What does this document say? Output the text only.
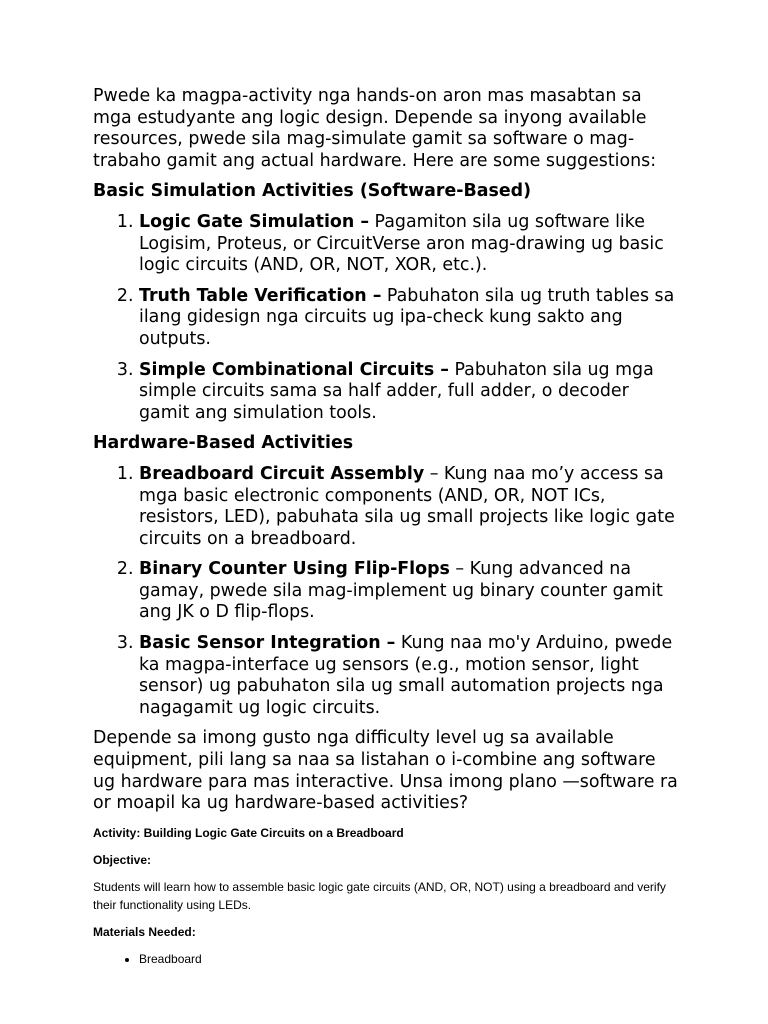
Pwede ka magpa-activity nga hands-on aron mas masabtan sa mga estudyante ang logic design. Depende sa inyong available resources, pwede sila mag-simulate gamit sa software o mag-trabaho gamit ang actual hardware. Here are some suggestions:

Basic Simulation Activities (Software-Based)
1. Logic Gate Simulation – Pagamiton sila ug software like Logisim, Proteus, or CircuitVerse aron mag-drawing ug basic logic circuits (AND, OR, NOT, XOR, etc.).
2. Truth Table Verification – Pabuhaton sila ug truth tables sa ilang gidesign nga circuits ug ipa-check kung sakto ang outputs.
3. Simple Combinational Circuits – Pabuhaton sila ug mga simple circuits sama sa half adder, full adder, o decoder gamit ang simulation tools.
Hardware-Based Activities
1. Breadboard Circuit Assembly – Kung naa mo’y access sa mga basic electronic components (AND, OR, NOT ICs, resistors, LED), pabuhata sila ug small projects like logic gate circuits on a breadboard.
2. Binary Counter Using Flip-Flops – Kung advanced na gamay, pwede sila mag-implement ug binary counter gamit ang JK o D flip-flops.
3. Basic Sensor Integration – Kung naa mo'y Arduino, pwede ka magpa-interface ug sensors (e.g., motion sensor, light sensor) ug pabuhaton sila ug small automation projects nga nagagamit ug logic circuits.

Depende sa imong gusto nga difficulty level ug sa available equipment, pili lang sa naa sa listahan o i-combine ang software ug hardware para mas interactive. Unsa imong plano —software ra or moapil ka ug hardware-based activities?

Activity: Building Logic Gate Circuits on a Breadboard

Objective:

Students will learn how to assemble basic logic gate circuits (AND, OR, NOT) using a breadboard and verify their functionality using LEDs.

Materials Needed:

• Breadboard
